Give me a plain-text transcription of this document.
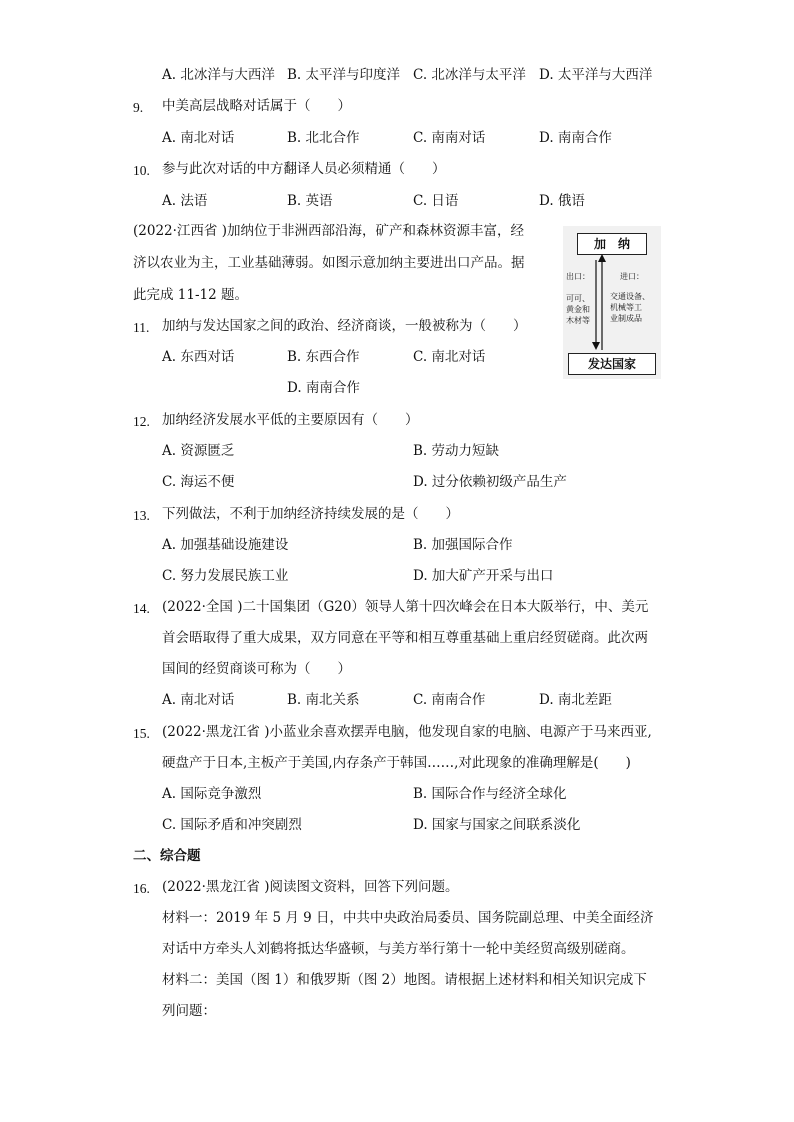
A. 北冰洋与大西洋 B. 太平洋与印度洋 C. 北冰洋与太平洋 D. 太平洋与大西洋
9. 中美高层战略对话属于（　　）
A. 南北对话	B. 北北合作	C. 南南对话	D. 南南合作
10. 参与此次对话的中方翻译人员必须精通（　　）
A. 法语	B. 英语	C. 日语	D. 俄语
(2022·江西省 )加纳位于非洲西部沿海，矿产和森林资源丰富，经
济以农业为主，工业基础薄弱。如图示意加纳主要进出口产品。据
此完成 11-12 题。
加　纳
发达国家
出口：
可可、
黄金和
木材等
进口：
交通设备、
机械等工
业制成品
11. 加纳与发达国家之间的政治、经济商谈，一般被称为（　　）
A. 东西对话	B. 东西合作	C. 南北对话
D. 南南合作
12. 加纳经济发展水平低的主要原因有（　　）
A. 资源匮乏	B. 劳动力短缺
C. 海运不便	D. 过分依赖初级产品生产
13. 下列做法，不利于加纳经济持续发展的是（　　）
A. 加强基础设施建设	B. 加强国际合作
C. 努力发展民族工业	D. 加大矿产开采与出口
14. (2022·全国 )二十国集团（G20）领导人第十四次峰会在日本大阪举行，中、美元
首会晤取得了重大成果，双方同意在平等和相互尊重基础上重启经贸磋商。此次两
国间的经贸商谈可称为（　　）
A. 南北对话	B. 南北关系	C. 南南合作	D. 南北差距
15. (2022·黑龙江省 )小蓝业余喜欢摆弄电脑，他发现自家的电脑、电源产于马来西亚,
硬盘产于日本,主板产于美国,内存条产于韩国……,对此现象的准确理解是(　　)
A. 国际竞争激烈	B. 国际合作与经济全球化
C. 国际矛盾和冲突剧烈	D. 国家与国家之间联系淡化
二、综合题
16. (2022·黑龙江省 )阅读图文资料，回答下列问题。
材料一：2019 年 5 月 9 日，中共中央政治局委员、国务院副总理、中美全面经济
对话中方牵头人刘鹤将抵达华盛顿，与美方举行第十一轮中美经贸高级别磋商。
材料二：美国（图 1）和俄罗斯（图 2）地图。请根据上述材料和相关知识完成下
列问题：
